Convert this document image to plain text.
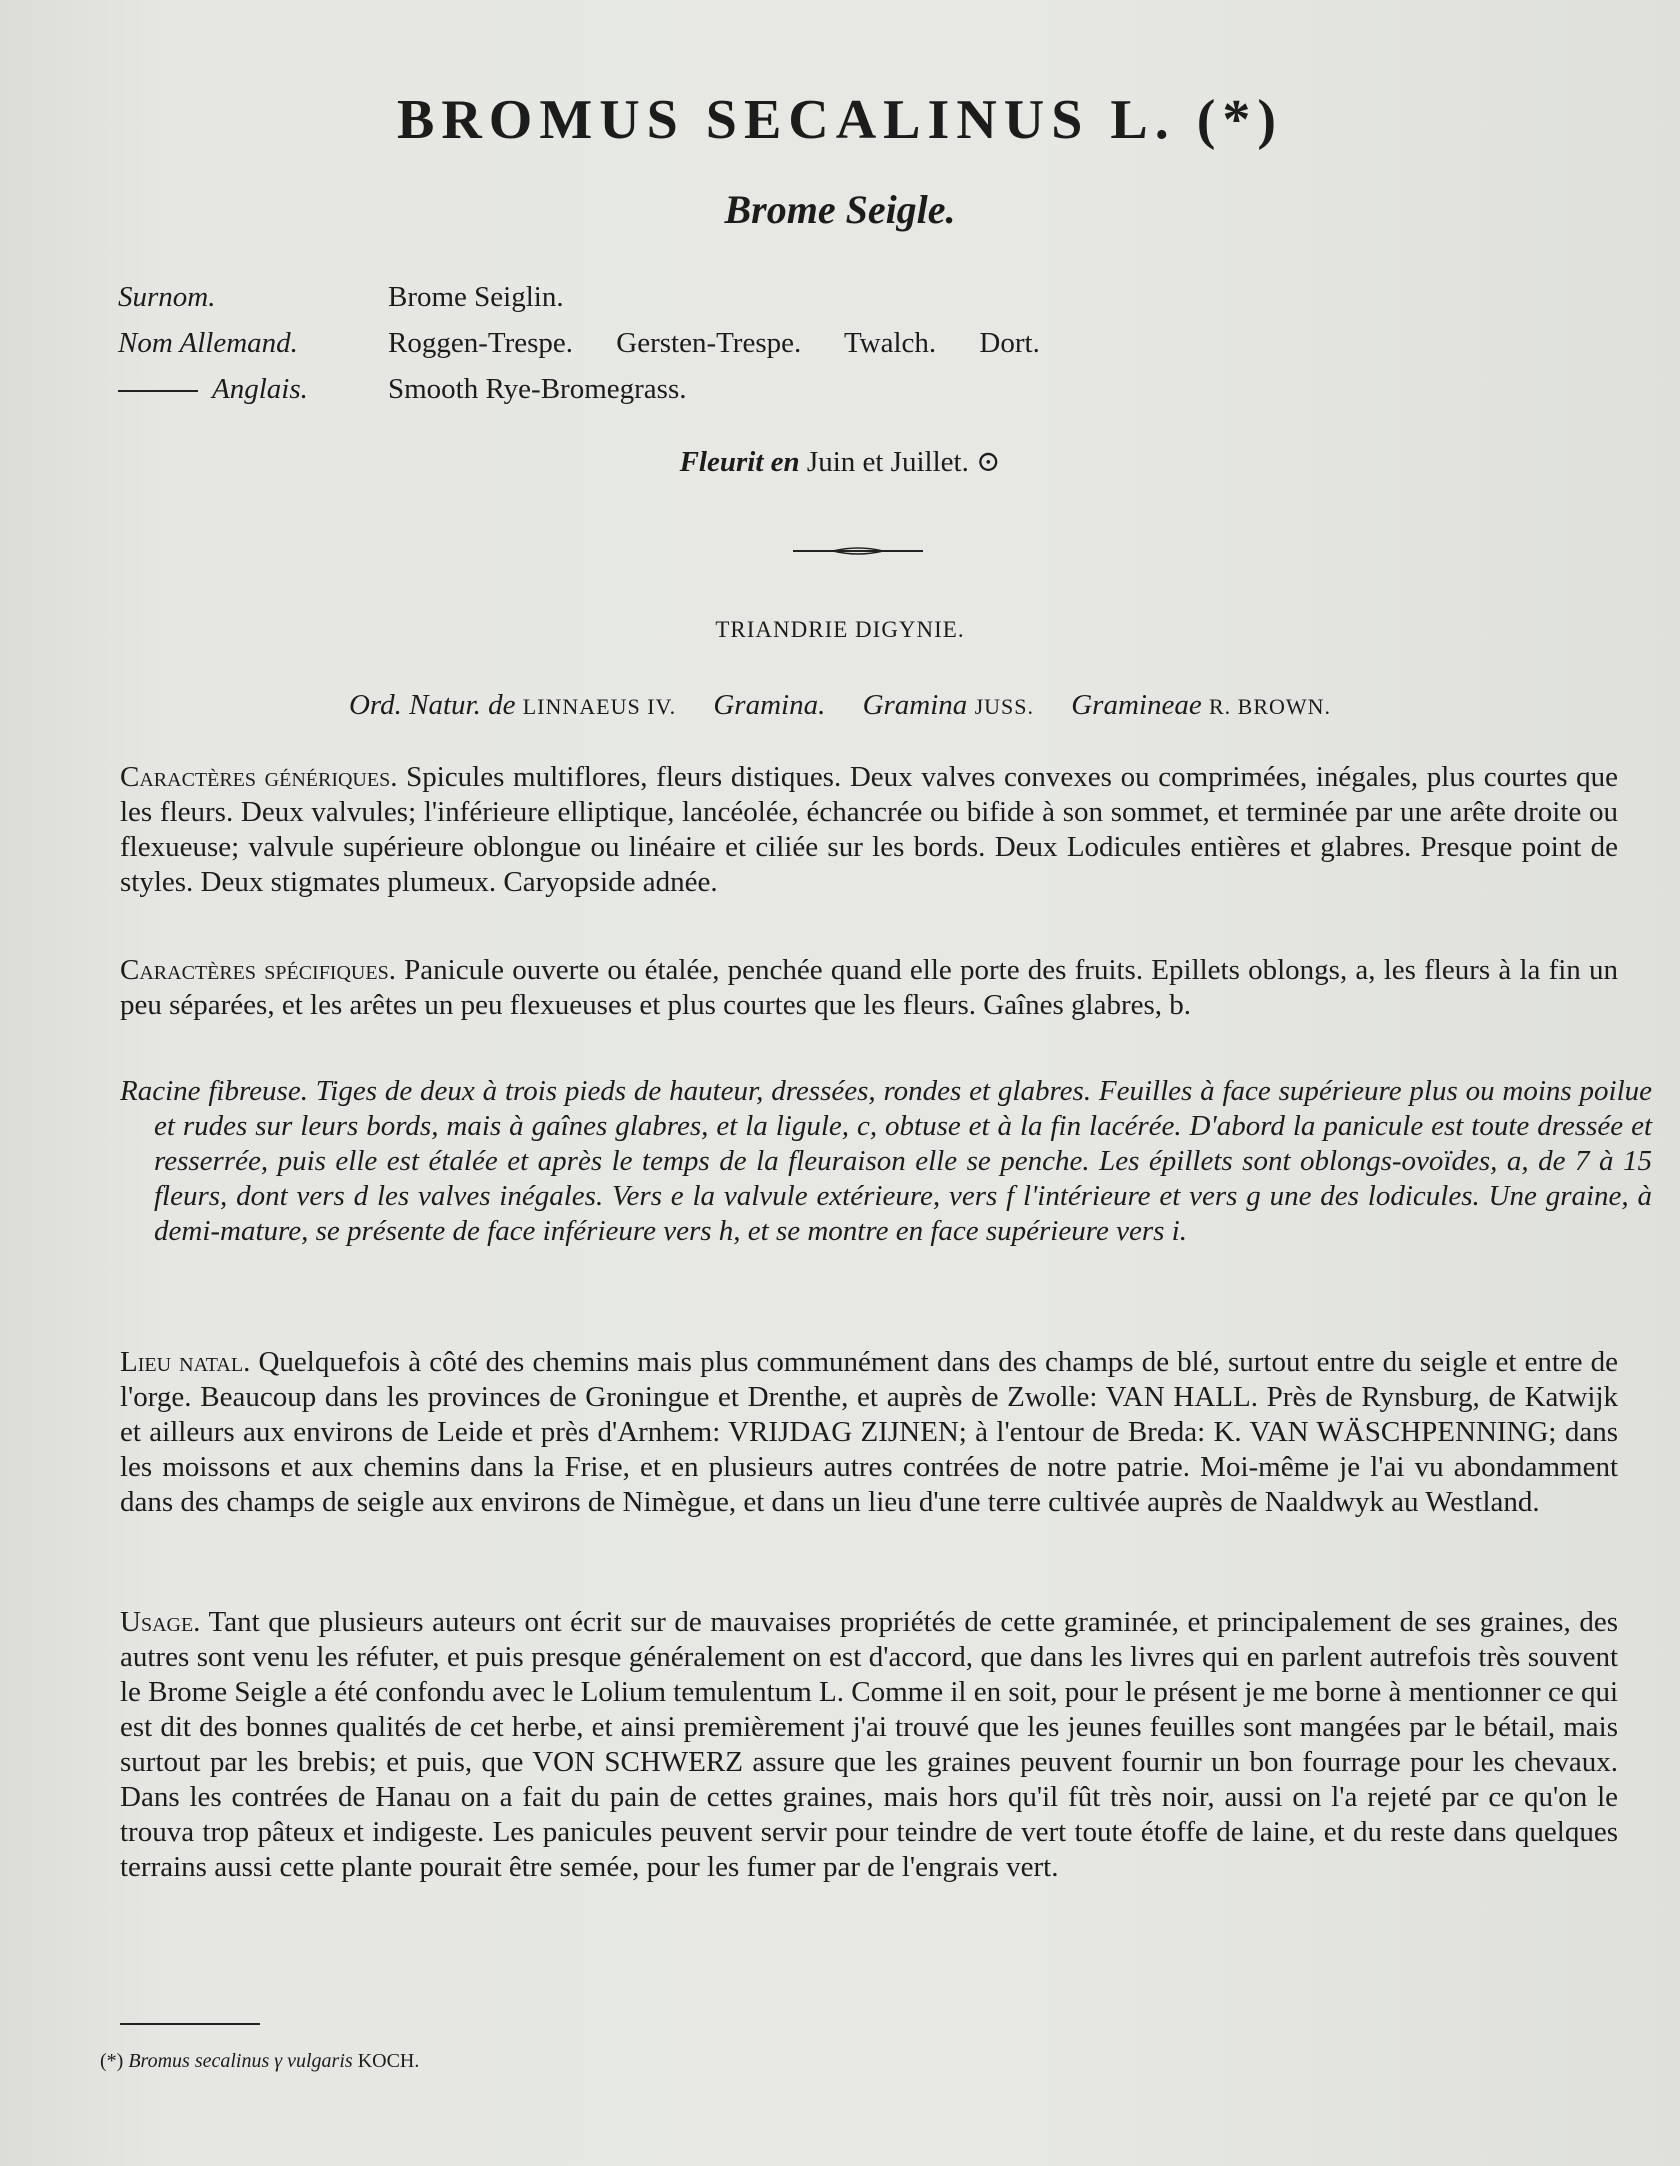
BROMUS SECALINUS L. (*)
Brome Seigle.
Surnom.	Brome Seiglin.
Nom Allemand.	Roggen-Trespe. Gersten-Trespe. Twalch. Dort.
Anglais.	Smooth Rye-Bromegrass.
Fleurit en Juin et Juillet. ⊙
TRIANDRIE DIGYNIE.
Ord. Natur. de LINNAEUS IV. Gramina. Gramina JUSS. Gramineae R. BROWN.
Caractères génériques. Spicules multiflores, fleurs distiques. Deux valves convexes ou comprimées, inégales, plus courtes que les fleurs. Deux valvules; l'inférieure elliptique, lancéolée, échancrée ou bifide à son sommet, et terminée par une arête droite ou flexueuse; valvule supérieure oblongue ou linéaire et ciliée sur les bords. Deux Lodicules entières et glabres. Presque point de styles. Deux stigmates plumeux. Caryopside adnée.
Caractères spécifiques. Panicule ouverte ou étalée, penchée quand elle porte des fruits. Epillets oblongs, a, les fleurs à la fin un peu séparées, et les arêtes un peu flexueuses et plus courtes que les fleurs. Gaînes glabres, b.
Racine fibreuse. Tiges de deux à trois pieds de hauteur, dressées, rondes et glabres. Feuilles à face supérieure plus ou moins poilue et rudes sur leurs bords, mais à gaînes glabres, et la ligule, c, obtuse et à la fin lacérée. D'abord la panicule est toute dressée et resserrée, puis elle est étalée et après le temps de la fleuraison elle se penche. Les épillets sont oblongs-ovoïdes, a, de 7 à 15 fleurs, dont vers d les valves inégales. Vers e la valvule extérieure, vers f l'intérieure et vers g une des lodicules. Une graine, à demi-mature, se présente de face inférieure vers h, et se montre en face supérieure vers i.
Lieu natal. Quelquefois à côté des chemins mais plus communément dans des champs de blé, surtout entre du seigle et entre de l'orge. Beaucoup dans les provinces de Groningue et Drenthe, et auprès de Zwolle: VAN HALL. Près de Rynsburg, de Katwijk et ailleurs aux environs de Leide et près d'Arnhem: VRIJDAG ZIJNEN; à l'entour de Breda: K. VAN WÄSCHPENNING; dans les moissons et aux chemins dans la Frise, et en plusieurs autres contrées de notre patrie. Moi-même je l'ai vu abondamment dans des champs de seigle aux environs de Nimègue, et dans un lieu d'une terre cultivée auprès de Naaldwyk au Westland.
Usage. Tant que plusieurs auteurs ont écrit sur de mauvaises propriétés de cette graminée, et principalement de ses graines, des autres sont venu les réfuter, et puis presque généralement on est d'accord, que dans les livres qui en parlent autrefois très souvent le Brome Seigle a été confondu avec le Lolium temulentum L. Comme il en soit, pour le présent je me borne à mentionner ce qui est dit des bonnes qualités de cet herbe, et ainsi premièrement j'ai trouvé que les jeunes feuilles sont mangées par le bétail, mais surtout par les brebis; et puis, que VON SCHWERZ assure que les graines peuvent fournir un bon fourrage pour les chevaux. Dans les contrées de Hanau on a fait du pain de cettes graines, mais hors qu'il fût très noir, aussi on l'a rejeté par ce qu'on le trouva trop pâteux et indigeste. Les panicules peuvent servir pour teindre de vert toute étoffe de laine, et du reste dans quelques terrains aussi cette plante pourait être semée, pour les fumer par de l'engrais vert.
(*) Bromus secalinus γ vulgaris KOCH.
